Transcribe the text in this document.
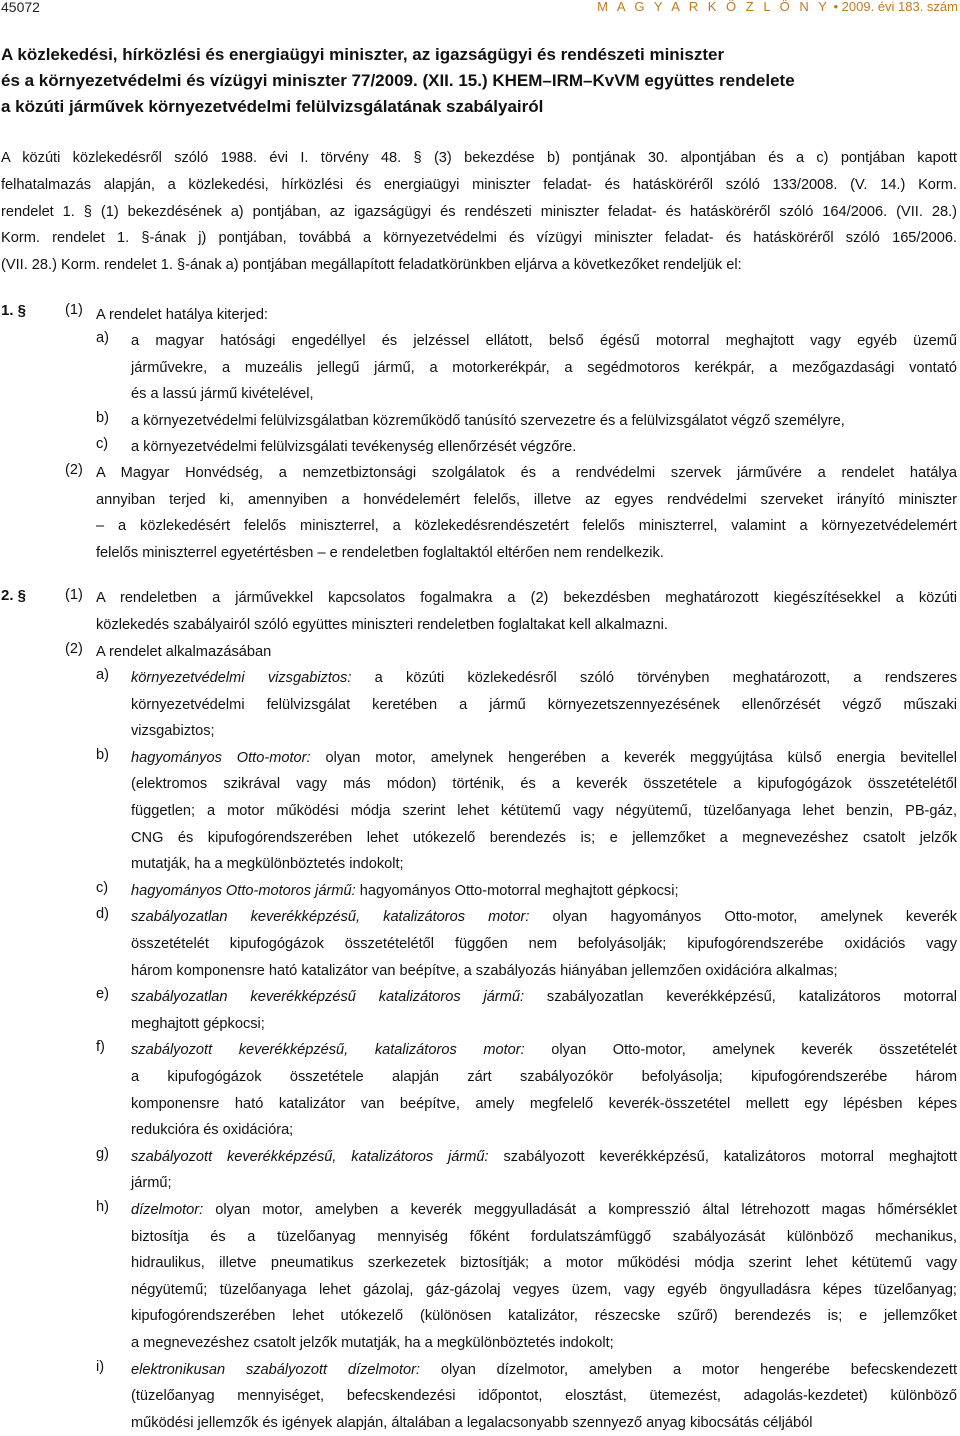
45072	M A G Y A R K Ö Z L Ö N Y • 2009. évi 183. szám
A közlekedési, hírközlési és energiaügyi miniszter, az igazságügyi és rendészeti miniszter
és a környezetvédelmi és vízügyi miniszter 77/2009. (XII. 15.) KHEM–IRM–KvVM együttes rendelete
a közúti járművek környezetvédelmi felülvizsgálatának szabályairól
A közúti közlekedésről szóló 1988. évi I. törvény 48. § (3) bekezdése b) pontjának 30. alpontjában és a c) pontjában kapott
felhatalmazás alapján, a közlekedési, hírközlési és energiaügyi miniszter feladat- és hatásköréről szóló 133/2008. (V. 14.) Korm.
rendelet 1. § (1) bekezdésének a) pontjában, az igazságügyi és rendészeti miniszter feladat- és hatásköréről szóló 164/2006. (VII. 28.)
Korm. rendelet 1. §-ának j) pontjában, továbbá a környezetvédelmi és vízügyi miniszter feladat- és hatásköréről szóló 165/2006.
(VII. 28.) Korm. rendelet 1. §-ának a) pontjában megállapított feladatkörünkben eljárva a következőket rendeljük el:
1. §	(1) A rendelet hatálya kiterjed:
a) a magyar hatósági engedéllyel és jelzéssel ellátott, belső égésű motorral meghajtott vagy egyéb üzemű
járművekre, a muzeális jellegű jármű, a motorkerékpár, a segédmotoros kerékpár, a mezőgazdasági vontató
és a lassú jármű kivételével,
b) a környezetvédelmi felülvizsgálatban közreműködő tanúsító szervezetre és a felülvizsgálatot végző személyre,
c) a környezetvédelmi felülvizsgálati tevékenység ellenőrzését végzőre.
(2) A Magyar Honvédség, a nemzetbiztonsági szolgálatok és a rendvédelmi szervek járművére a rendelet hatálya
annyiban terjed ki, amennyiben a honvédelemért felelős, illetve az egyes rendvédelmi szerveket irányító miniszter
– a közlekedésért felelős miniszterrel, a közlekedésrendészetért felelős miniszterrel, valamint a környezetvédelemért
felelős miniszterrel egyetértésben – e rendeletben foglaltaktól eltérően nem rendelkezik.
2. §	(1) A rendeletben a járművekkel kapcsolatos fogalmakra a (2) bekezdésben meghatározott kiegészítésekkel a közúti
közlekedés szabályairól szóló együttes miniszteri rendeletben foglaltakat kell alkalmazni.
(2) A rendelet alkalmazásában
a) környezetvédelmi vizsgabiztos: a közúti közlekedésről szóló törvényben meghatározott, a rendszeres
környezetvédelmi felülvizsgálat keretében a jármű környezetszennyezésének ellenőrzését végző műszaki
vizsgabiztos;
b) hagyományos Otto-motor: olyan motor, amelynek hengerében a keverék meggyújtása külső energia bevitellel
(elektromos szikrával vagy más módon) történik, és a keverék összetétele a kipufogógázok összetételétől
független; a motor működési módja szerint lehet kétütemű vagy négyütemű, tüzelőanyaga lehet benzin, PB-gáz,
CNG és kipufogórendszerében lehet utókezelő berendezés is; e jellemzőket a megnevezéshez csatolt jelzők
mutatják, ha a megkülönböztetés indokolt;
c) hagyományos Otto-motoros jármű: hagyományos Otto-motorral meghajtott gépkocsi;
d) szabályozatlan keverékképzésű, katalizátoros motor: olyan hagyományos Otto-motor, amelynek keverék
összetételét kipufogógázok összetételétől függően nem befolyásolják; kipufogórendszerébe oxidációs vagy
három komponensre ható katalizátor van beépítve, a szabályozás hiányában jellemzően oxidációra alkalmas;
e) szabályozatlan keverékképzésű katalizátoros jármű: szabályozatlan keverékképzésű, katalizátoros motorral
meghajtott gépkocsi;
f) szabályozott keverékképzésű, katalizátoros motor: olyan Otto-motor, amelynek keverék összetételét
a kipufogógázok összetétele alapján zárt szabályozókör befolyásolja; kipufogórendszerébe három
komponensre ható katalizátor van beépítve, amely megfelelő keverék-összetétel mellett egy lépésben képes
redukcióra és oxidációra;
g) szabályozott keverékképzésű, katalizátoros jármű: szabályozott keverékképzésű, katalizátoros motorral meghajtott
jármű;
h) dízelmotor: olyan motor, amelyben a keverék meggyulladását a kompresszió által létrehozott magas hőmérséklet
biztosítja és a tüzelőanyag mennyiség főként fordulatszámfüggő szabályozását különböző mechanikus,
hidraulikus, illetve pneumatikus szerkezetek biztosítják; a motor működési módja szerint lehet kétütemű vagy
négyütemű; tüzelőanyaga lehet gázolaj, gáz-gázolaj vegyes üzem, vagy egyéb öngyulladásra képes tüzelőanyag;
kipufogórendszerében lehet utókezelő (különösen katalizátor, részecske szűrő) berendezés is; e jellemzőket
a megnevezéshez csatolt jelzők mutatják, ha a megkülönböztetés indokolt;
i) elektronikusan szabályozott dízelmotor: olyan dízelmotor, amelyben a motor hengerébe befecskendezett
(tüzelőanyag mennyiséget, befecskendezési időpontot, elosztást, ütemezést, adagolás-kezdetet) különböző
működési jellemzők és igények alapján, általában a legalacsonyabb szennyező anyag kibocsátás céljából
